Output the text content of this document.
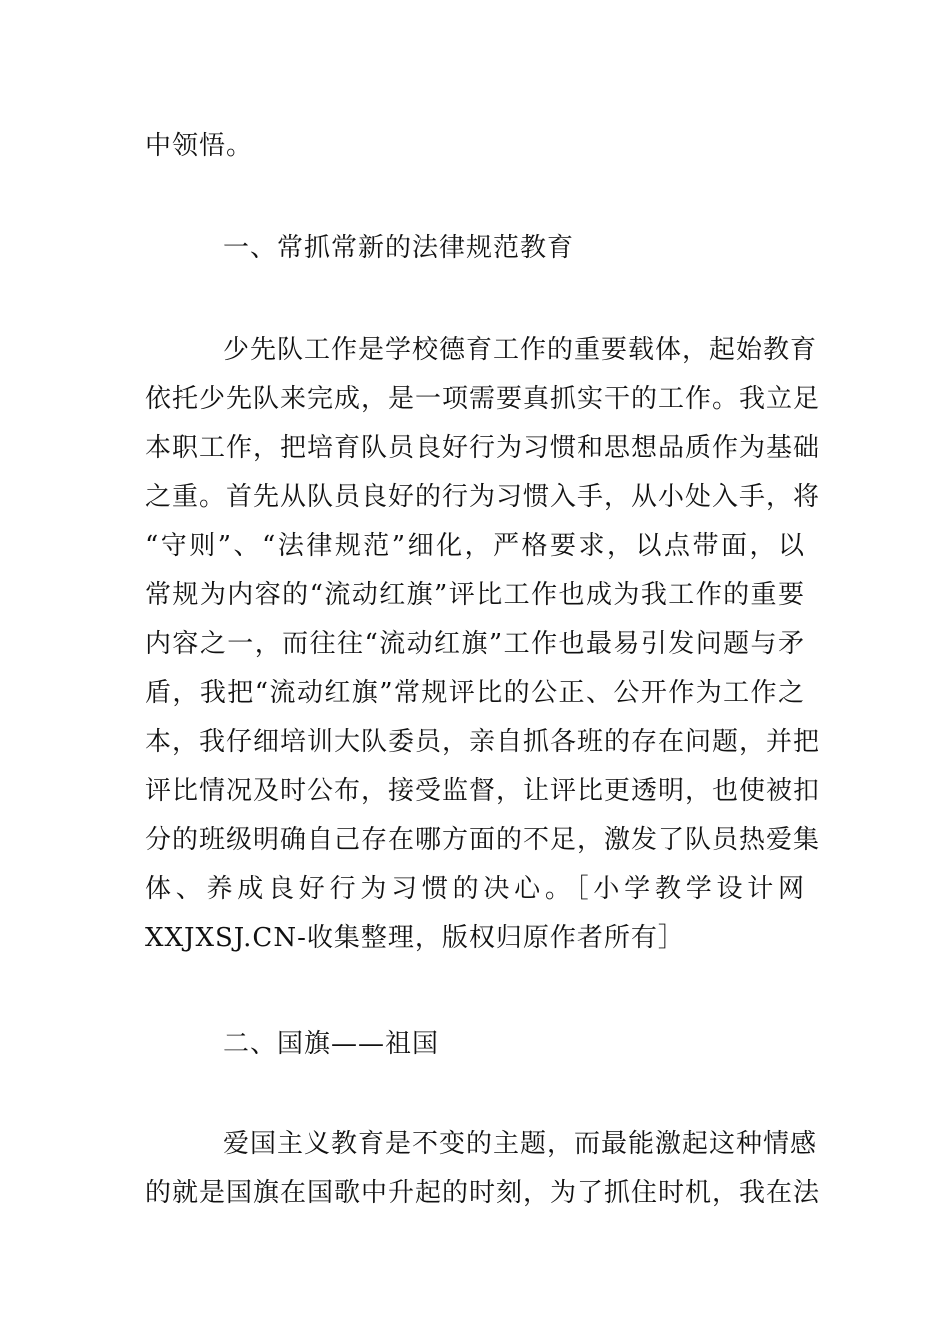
中领悟。
一、常抓常新的法律规范教育
少先队工作是学校德育工作的重要载体，起始教育
依托少先队来完成，是一项需要真抓实干的工作。我立足
本职工作，把培育队员良好行为习惯和思想品质作为基础
之重。首先从队员良好的行为习惯入手，从小处入手，将
“守则”、“法律规范”细化，严格要求，以点带面，以
常规为内容的“流动红旗”评比工作也成为我工作的重要
内容之一，而往往“流动红旗”工作也最易引发问题与矛
盾，我把“流动红旗”常规评比的公正、公开作为工作之
本，我仔细培训大队委员，亲自抓各班的存在问题，并把
评比情况及时公布，接受监督，让评比更透明，也使被扣
分的班级明确自己存在哪方面的不足，激发了队员热爱集
体、养成良好行为习惯的决心。［小学教学设计网
XXJXSJ.CN-收集整理，版权归原作者所有］
二、国旗——祖国
爱国主义教育是不变的主题，而最能激起这种情感
的就是国旗在国歌中升起的时刻，为了抓住时机，我在法
